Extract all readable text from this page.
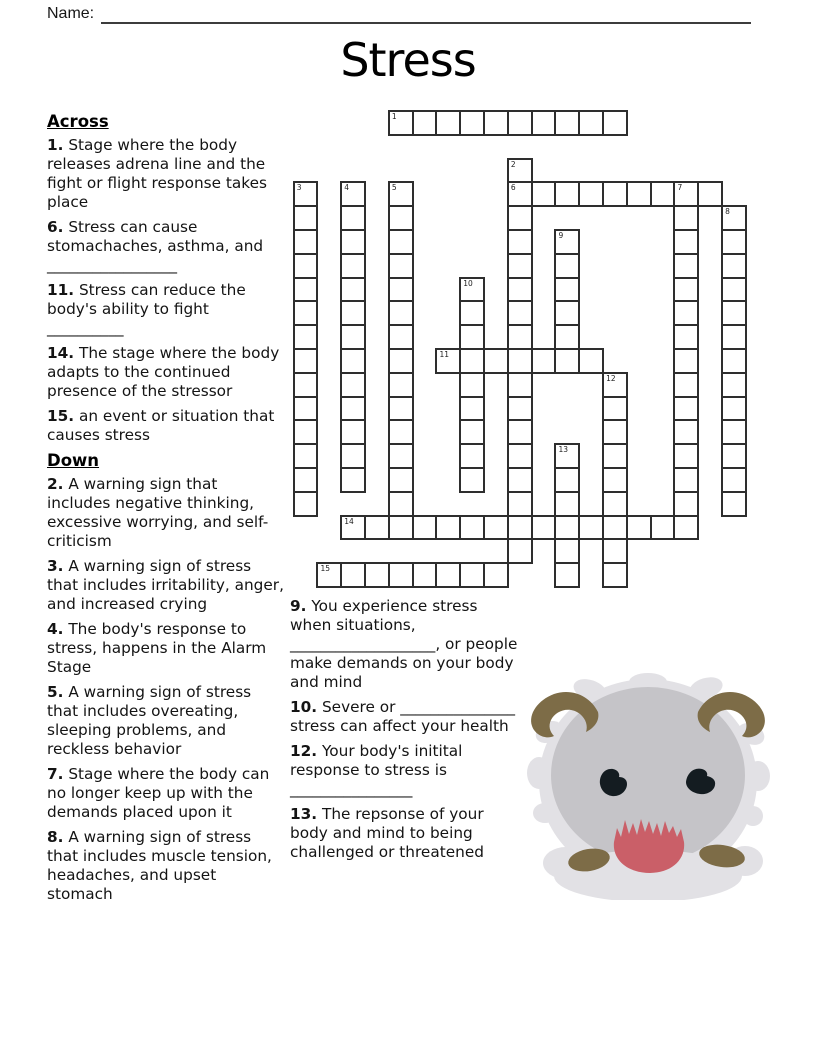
Name:
Stress

Across

1. Stage where the body releases adrena line and the fight or flight response takes place

6. Stress can cause stomachaches, asthma, and _________________

11. Stress can reduce the body's ability to fight __________

14. The stage where the body adapts to the continued presence of the stressor

15. an event or situation that causes stress

Down

2. A warning sign that includes negative thinking, excessive worrying, and self-criticism

3. A warning sign of stress that includes irritability, anger, and increased crying

4. The body's response to stress, happens in the Alarm Stage

5. A warning sign of stress that includes overeating, sleeping problems, and reckless behavior

7. Stage where the body can no longer keep up with the demands placed upon it

8. A warning sign of stress that includes muscle tension, headaches, and upset stomach

9. You experience stress when situations, ___________________, or people make demands on your body and mind

10. Severe or _______________ stress can affect your health

12. Your body's initital response to stress is ________________

13. The repsonse of your body and mind to being challenged or threatened

1
2
6
3	4	5	7
8
9
10
11
12
13
14
15
